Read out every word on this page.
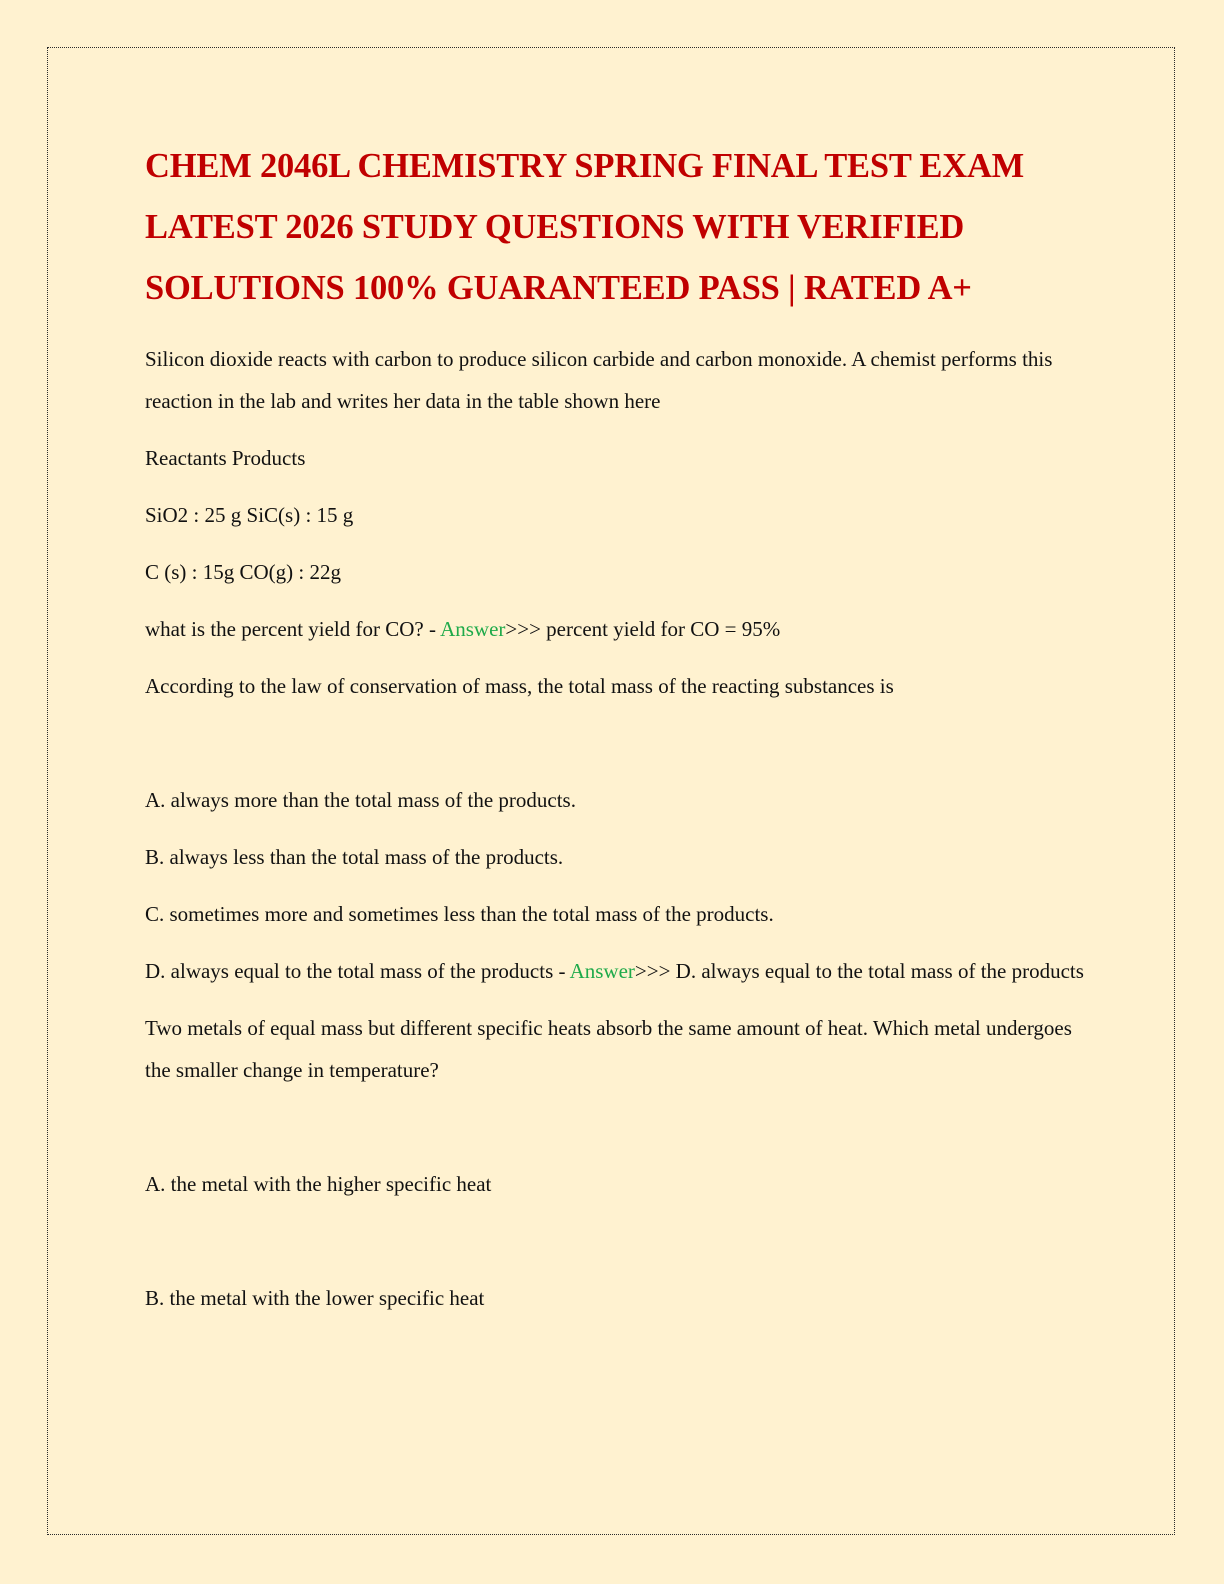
CHEM 2046L CHEMISTRY SPRING FINAL TEST EXAM LATEST 2026 STUDY QUESTIONS WITH VERIFIED SOLUTIONS 100% GUARANTEED PASS | RATED A+

Silicon dioxide reacts with carbon to produce silicon carbide and carbon monoxide. A chemist performs this reaction in the lab and writes her data in the table shown here

Reactants Products

SiO2 : 25 g SiC(s) : 15 g

C (s) : 15g CO(g) : 22g

what is the percent yield for CO? - Answer>>> percent yield for CO = 95%

According to the law of conservation of mass, the total mass of the reacting substances is

A. always more than the total mass of the products.

B. always less than the total mass of the products.

C. sometimes more and sometimes less than the total mass of the products.

D. always equal to the total mass of the products - Answer>>> D. always equal to the total mass of the products

Two metals of equal mass but different specific heats absorb the same amount of heat. Which metal undergoes the smaller change in temperature?

A. the metal with the higher specific heat

B. the metal with the lower specific heat
